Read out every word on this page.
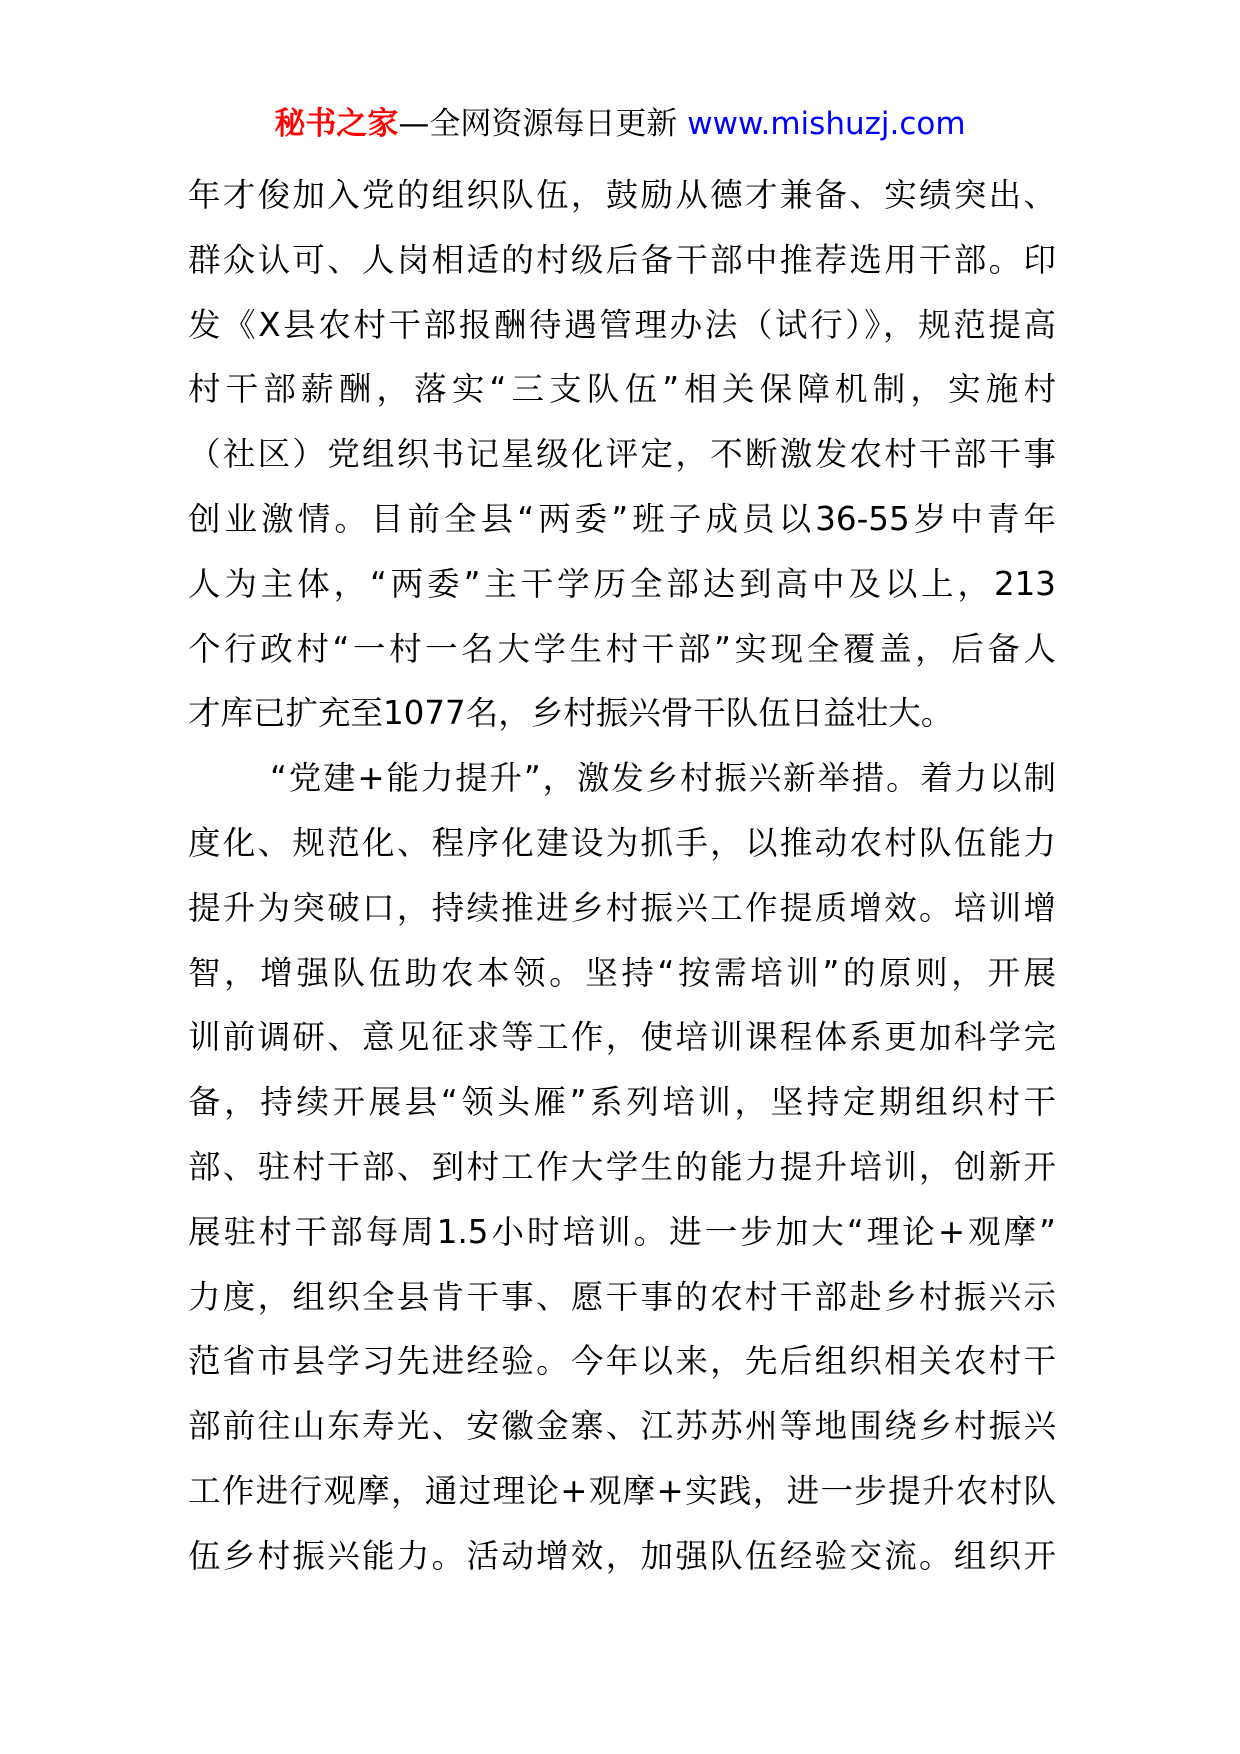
秘书之家—全网资源每日更新 www.mishuzj.com
年才俊加入党的组织队伍，鼓励从德才兼备、实绩突出、
群众认可、人岗相适的村级后备干部中推荐选用干部。印
发《X县农村干部报酬待遇管理办法（试行）》，规范提高
村干部薪酬，落实“三支队伍”相关保障机制，实施村
（社区）党组织书记星级化评定，不断激发农村干部干事
创业激情。目前全县“两委”班子成员以36-55岁中青年
人为主体，“两委”主干学历全部达到高中及以上，213
个行政村“一村一名大学生村干部”实现全覆盖，后备人
才库已扩充至1077名，乡村振兴骨干队伍日益壮大。
“党建+能力提升”，激发乡村振兴新举措。着力以制
度化、规范化、程序化建设为抓手，以推动农村队伍能力
提升为突破口，持续推进乡村振兴工作提质增效。培训增
智，增强队伍助农本领。坚持“按需培训”的原则，开展
训前调研、意见征求等工作，使培训课程体系更加科学完
备，持续开展县“领头雁”系列培训，坚持定期组织村干
部、驻村干部、到村工作大学生的能力提升培训，创新开
展驻村干部每周1.5小时培训。进一步加大“理论+观摩”
力度，组织全县肯干事、愿干事的农村干部赴乡村振兴示
范省市县学习先进经验。今年以来，先后组织相关农村干
部前往山东寿光、安徽金寨、江苏苏州等地围绕乡村振兴
工作进行观摩，通过理论+观摩+实践，进一步提升农村队
伍乡村振兴能力。活动增效，加强队伍经验交流。组织开
